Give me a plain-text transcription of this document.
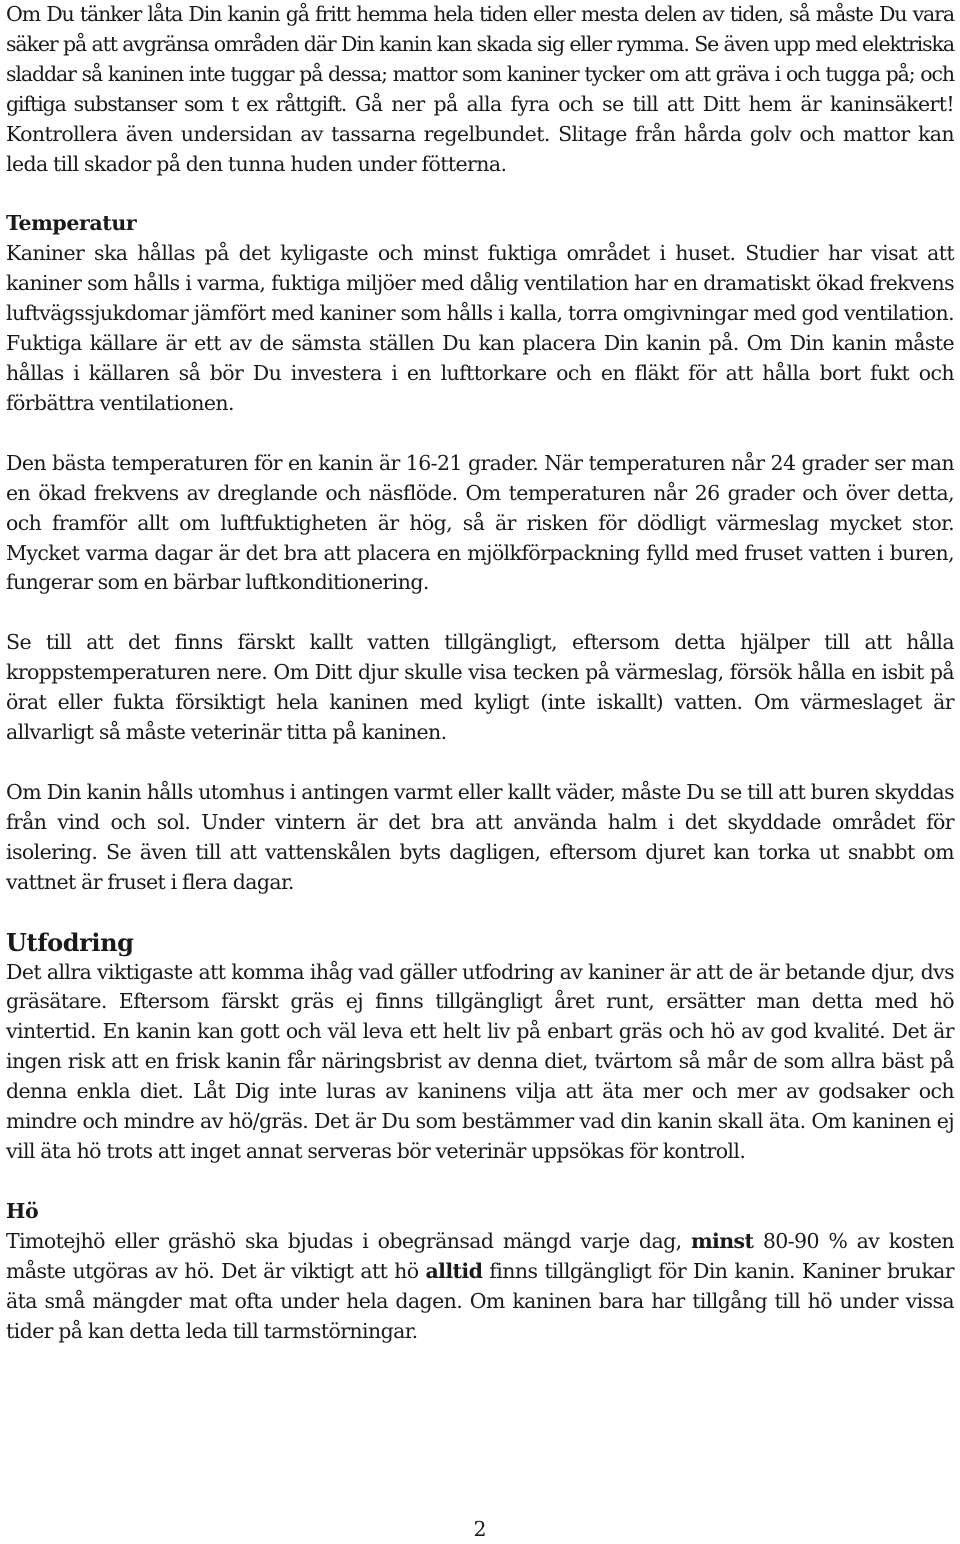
Om Du tänker låta Din kanin gå fritt hemma hela tiden eller mesta delen av tiden, så måste Du vara säker på att avgränsa områden där Din kanin kan skada sig eller rymma. Se även upp med elektriska sladdar så kaninen inte tuggar på dessa; mattor som kaniner tycker om att gräva i och tugga på; och giftiga substanser som t ex råttgift. Gå ner på alla fyra och se till att Ditt hem är kaninsäkert! Kontrollera även undersidan av tassarna regelbundet. Slitage från hårda golv och mattor kan leda till skador på den tunna huden under fötterna.

Temperatur

Kaniner ska hållas på det kyligaste och minst fuktiga området i huset. Studier har visat att kaniner som hålls i varma, fuktiga miljöer med dålig ventilation har en dramatiskt ökad frekvens luftvägssjukdomar jämfört med kaniner som hålls i kalla, torra omgivningar med god ventilation. Fuktiga källare är ett av de sämsta ställen Du kan placera Din kanin på. Om Din kanin måste hållas i källaren så bör Du investera i en lufttorkare och en fläkt för att hålla bort fukt och förbättra ventilationen.

Den bästa temperaturen för en kanin är 16-21 grader. När temperaturen når 24 grader ser man en ökad frekvens av dreglande och näsflöde. Om temperaturen når 26 grader och över detta, och framför allt om luftfuktigheten är hög, så är risken för dödligt värmeslag mycket stor. Mycket varma dagar är det bra att placera en mjölkförpackning fylld med fruset vatten i buren, fungerar som en bärbar luftkonditionering.

Se till att det finns färskt kallt vatten tillgängligt, eftersom detta hjälper till att hålla kroppstemperaturen nere. Om Ditt djur skulle visa tecken på värmeslag, försök hålla en isbit på örat eller fukta försiktigt hela kaninen med kyligt (inte iskallt) vatten. Om värmeslaget är allvarligt så måste veterinär titta på kaninen.

Om Din kanin hålls utomhus i antingen varmt eller kallt väder, måste Du se till att buren skyddas från vind och sol. Under vintern är det bra att använda halm i det skyddade området för isolering. Se även till att vattenskålen byts dagligen, eftersom djuret kan torka ut snabbt om vattnet är fruset i flera dagar.

Utfodring

Det allra viktigaste att komma ihåg vad gäller utfodring av kaniner är att de är betande djur, dvs gräsätare. Eftersom färskt gräs ej finns tillgängligt året runt, ersätter man detta med hö vintertid. En kanin kan gott och väl leva ett helt liv på enbart gräs och hö av god kvalité. Det är ingen risk att en frisk kanin får näringsbrist av denna diet, tvärtom så mår de som allra bäst på denna enkla diet. Låt Dig inte luras av kaninens vilja att äta mer och mer av godsaker och mindre och mindre av hö/gräs. Det är Du som bestämmer vad din kanin skall äta. Om kaninen ej vill äta hö trots att inget annat serveras bör veterinär uppsökas för kontroll.

Hö

Timotejhö eller gräshö ska bjudas i obegränsad mängd varje dag, minst 80-90 % av kosten måste utgöras av hö. Det är viktigt att hö alltid finns tillgängligt för Din kanin. Kaniner brukar äta små mängder mat ofta under hela dagen. Om kaninen bara har tillgång till hö under vissa tider på kan detta leda till tarmstörningar.

2
